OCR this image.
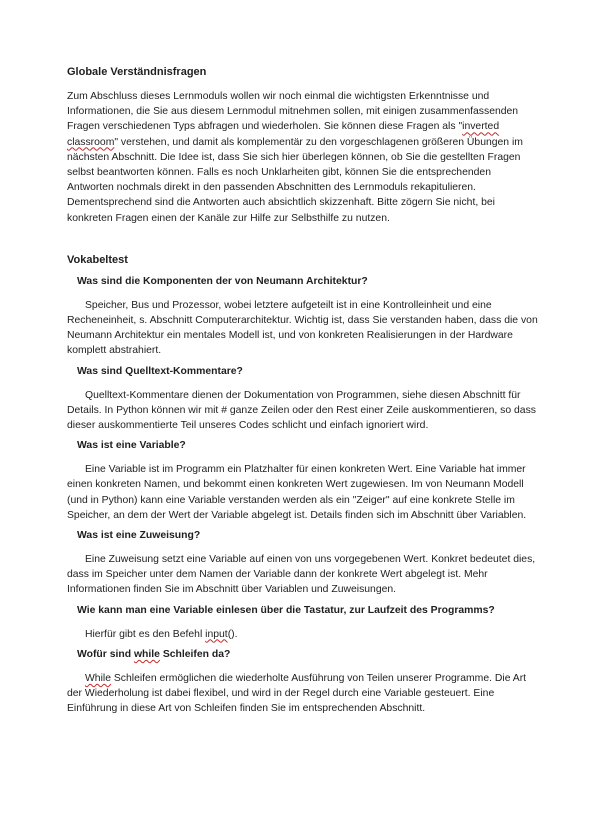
Globale Verständnisfragen

Zum Abschluss dieses Lernmoduls wollen wir noch einmal die wichtigsten Erkenntnisse und Informationen, die Sie aus diesem Lernmodul mitnehmen sollen, mit einigen zusammenfassenden Fragen verschiedenen Typs abfragen und wiederholen. Sie können diese Fragen als "inverted classroom" verstehen, und damit als komplementär zu den vorgeschlagenen größeren Übungen im nächsten Abschnitt. Die Idee ist, dass Sie sich hier überlegen können, ob Sie die gestellten Fragen selbst beantworten können. Falls es noch Unklarheiten gibt, können Sie die entsprechenden Antworten nochmals direkt in den passenden Abschnitten des Lernmoduls rekapitulieren. Dementsprechend sind die Antworten auch absichtlich skizzenhaft. Bitte zögern Sie nicht, bei konkreten Fragen einen der Kanäle zur Hilfe zur Selbsthilfe zu nutzen.

Vokabeltest
Was sind die Komponenten der von Neumann Architektur?

Speicher, Bus und Prozessor, wobei letztere aufgeteilt ist in eine Kontrolleinheit und eine Recheneinheit, s. Abschnitt Computerarchitektur. Wichtig ist, dass Sie verstanden haben, dass die von Neumann Architektur ein mentales Modell ist, und von konkreten Realisierungen in der Hardware komplett abstrahiert.

Was sind Quelltext-Kommentare?

Quelltext-Kommentare dienen der Dokumentation von Programmen, siehe diesen Abschnitt für Details. In Python können wir mit # ganze Zeilen oder den Rest einer Zeile auskommentieren, so dass dieser auskommentierte Teil unseres Codes schlicht und einfach ignoriert wird.

Was ist eine Variable?

Eine Variable ist im Programm ein Platzhalter für einen konkreten Wert. Eine Variable hat immer einen konkreten Namen, und bekommt einen konkreten Wert zugewiesen. Im von Neumann Modell (und in Python) kann eine Variable verstanden werden als ein "Zeiger" auf eine konkrete Stelle im Speicher, an dem der Wert der Variable abgelegt ist. Details finden sich im Abschnitt über Variablen.

Was ist eine Zuweisung?

Eine Zuweisung setzt eine Variable auf einen von uns vorgegebenen Wert. Konkret bedeutet dies, dass im Speicher unter dem Namen der Variable dann der konkrete Wert abgelegt ist. Mehr Informationen finden Sie im Abschnitt über Variablen und Zuweisungen.

Wie kann man eine Variable einlesen über die Tastatur, zur Laufzeit des Programms?

Hierfür gibt es den Befehl input().

Wofür sind while Schleifen da?

While Schleifen ermöglichen die wiederholte Ausführung von Teilen unserer Programme. Die Art der Wiederholung ist dabei flexibel, und wird in der Regel durch eine Variable gesteuert. Eine Einführung in diese Art von Schleifen finden Sie im entsprechenden Abschnitt.
